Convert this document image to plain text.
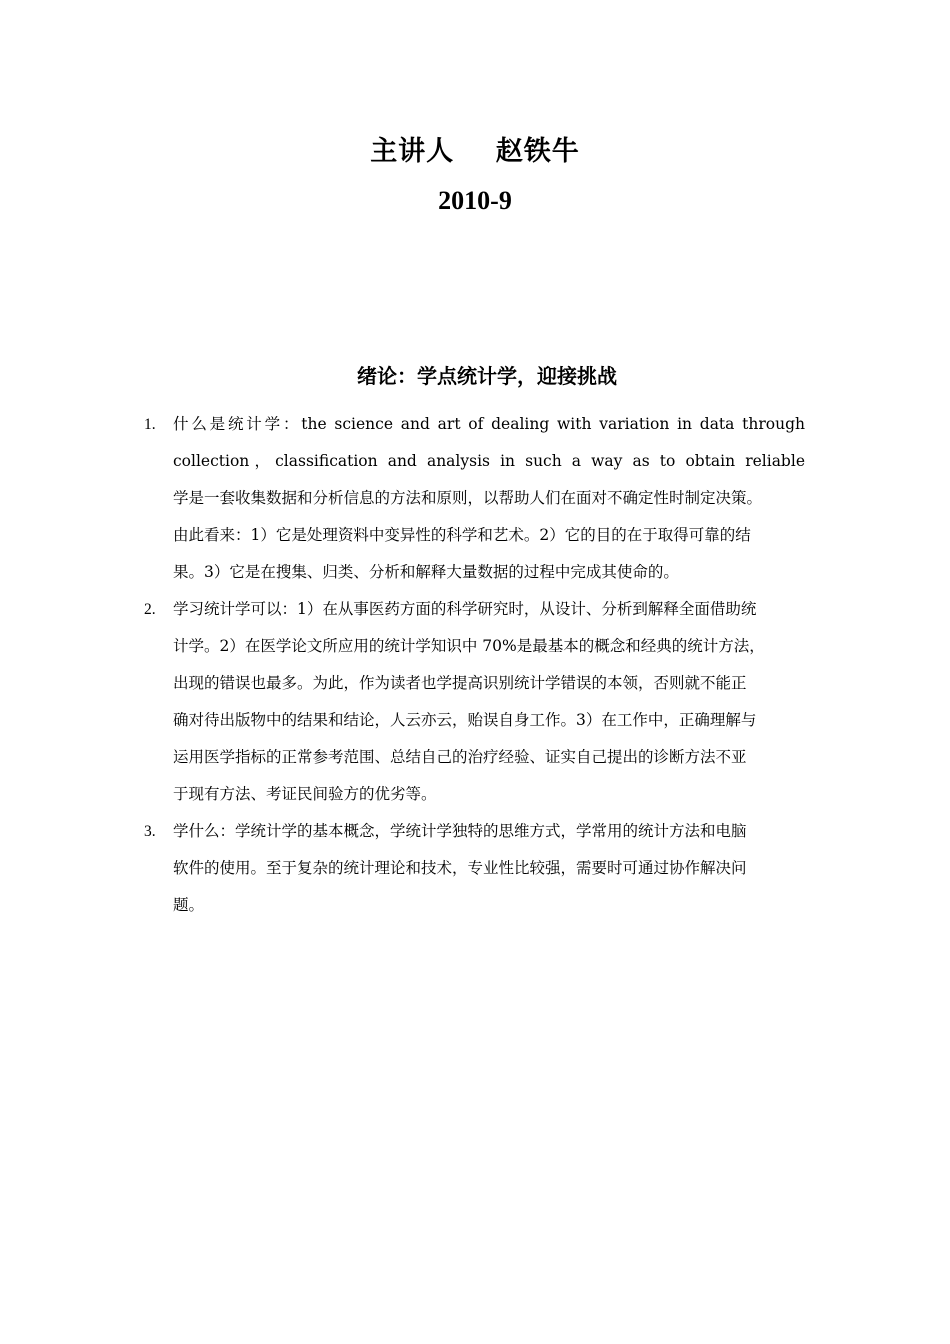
主讲人    赵铁牛
2010-9
绪论：学点统计学，迎接挑战
1. 什么是统计学：the science and art of dealing with variation in data through
collection，classification and analysis in such a way as to obtain reliable
学是一套收集数据和分析信息的方法和原则，以帮助人们在面对不确定性时制定决策。
由此看来：1）它是处理资料中变异性的科学和艺术。2）它的目的在于取得可靠的结
果。3）它是在搜集、归类、分析和解释大量数据的过程中完成其使命的。
2. 学习统计学可以：1）在从事医药方面的科学研究时，从设计、分析到解释全面借助统
计学。2）在医学论文所应用的统计学知识中 70%是最基本的概念和经典的统计方法，
出现的错误也最多。为此，作为读者也学提高识别统计学错误的本领，否则就不能正
确对待出版物中的结果和结论，人云亦云，贻误自身工作。3）在工作中，正确理解与
运用医学指标的正常参考范围、总结自己的治疗经验、证实自己提出的诊断方法不亚
于现有方法、考证民间验方的优劣等。
3. 学什么：学统计学的基本概念，学统计学独特的思维方式，学常用的统计方法和电脑
软件的使用。至于复杂的统计理论和技术，专业性比较强，需要时可通过协作解决问
题。
